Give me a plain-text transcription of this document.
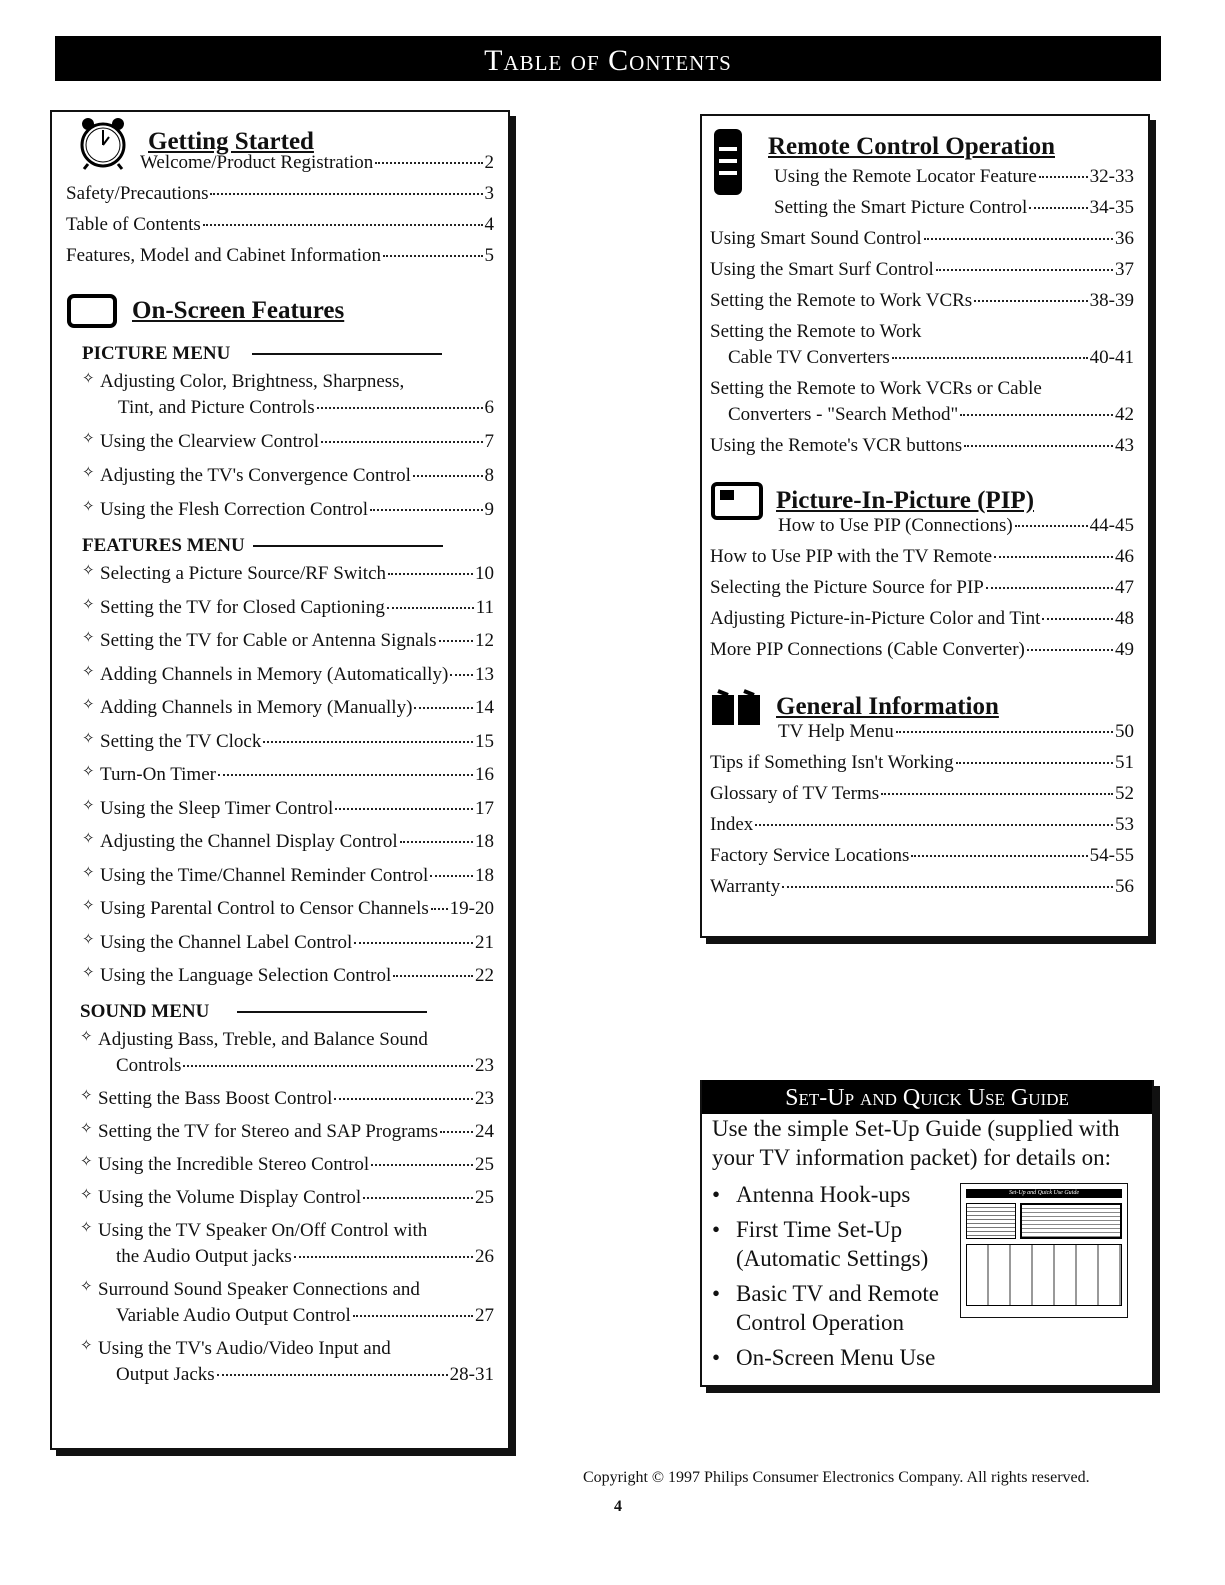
Table of Contents
Getting Started
Welcome/Product Registration	2
Safety/Precautions	3
Table of Contents	4
Features, Model and Cabinet Information	5
On-Screen Features
PICTURE MENU
✧ Adjusting Color, Brightness, Sharpness,
Tint, and Picture Controls	6
✧ Using the Clearview Control	7
✧ Adjusting the TV's Convergence Control	8
✧ Using the Flesh Correction Control	9
FEATURES MENU
✧ Selecting a Picture Source/RF Switch	10
✧ Setting the TV for Closed Captioning	11
✧ Setting the TV for Cable or Antenna Signals 12
✧ Adding Channels in Memory (Automatically) 13
✧ Adding Channels in Memory (Manually)	14
✧ Setting the TV Clock	15
✧ Turn-On Timer	16
✧ Using the Sleep Timer Control	17
✧ Adjusting the Channel Display Control	18
✧ Using the Time/Channel Reminder Control 18
✧ Using Parental Control to Censor Channels 19-20
✧ Using the Channel Label Control	21
✧ Using the Language Selection Control	22
SOUND MENU
✧ Adjusting Bass, Treble, and Balance Sound
Controls	23
✧ Setting the Bass Boost Control	23
✧ Setting the TV for Stereo and SAP Programs 24
✧ Using the Incredible Stereo Control	25
✧ Using the Volume Display Control	25
✧ Using the TV Speaker On/Off Control with
the Audio Output jacks	26
✧ Surround Sound Speaker Connections and
Variable Audio Output Control	27
✧ Using the TV's Audio/Video Input and
Output Jacks	28-31
Remote Control Operation
Using the Remote Locator Feature	32-33
Setting the Smart Picture Control	34-35
Using Smart Sound Control	36
Using the Smart Surf Control	37
Setting the Remote to Work VCRs	38-39
Setting the Remote to Work
Cable TV Converters	40-41
Setting the Remote to Work VCRs or Cable
Converters - "Search Method"	42
Using the Remote's VCR buttons	43
Picture-In-Picture (PIP)
How to Use PIP (Connections)	44-45
How to Use PIP with the TV Remote	46
Selecting the Picture Source for PIP	47
Adjusting Picture-in-Picture Color and Tint	48
More PIP Connections (Cable Converter)	49
General Information
TV Help Menu	50
Tips if Something Isn't Working	51
Glossary of TV Terms	52
Index	53
Factory Service Locations	54-55
Warranty	56
Set-Up and Quick Use Guide
Use the simple Set-Up Guide (supplied with your TV information packet) for details on:
• Antenna Hook-ups
• First Time Set-Up (Automatic Settings)
• Basic TV and Remote Control Operation
• On-Screen Menu Use
Set-Up and Quick Use Guide
Copyright © 1997 Philips Consumer Electronics Company. All rights reserved.
4
